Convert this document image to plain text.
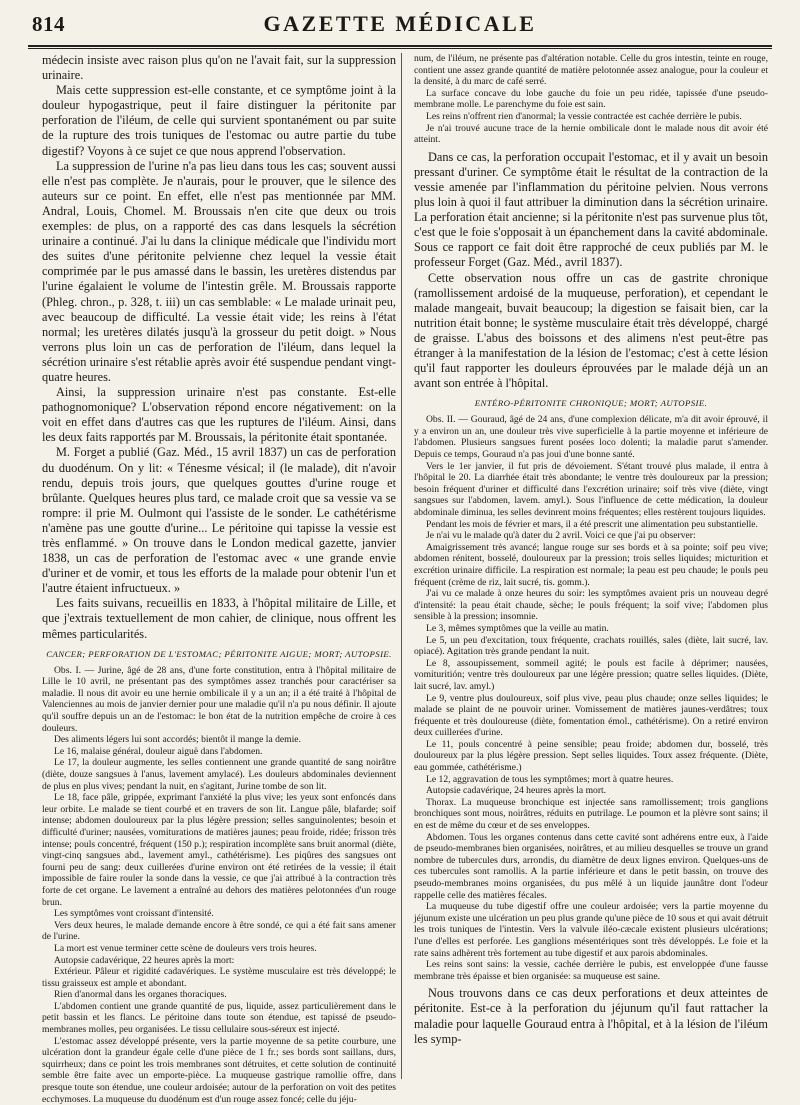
814	GAZETTE MÉDICALE

médecin insiste avec raison plus qu'on ne l'avait fait, sur la suppression urinaire.

Mais cette suppression est-elle constante, et ce symptôme joint à la douleur hypogastrique, peut il faire distinguer la péritonite par perforation de l'iléum, de celle qui survient spontanément ou par suite de la rupture des trois tuniques de l'estomac ou autre partie du tube digestif? Voyons à ce sujet ce que nous apprend l'observation.

La suppression de l'urine n'a pas lieu dans tous les cas; souvent aussi elle n'est pas complète. Je n'aurais, pour le prouver, que le silence des auteurs sur ce point. En effet, elle n'est pas mentionnée par MM. Andral, Louis, Chomel. M. Broussais n'en cite que deux ou trois exemples: de plus, on a rapporté des cas dans lesquels la sécrétion urinaire a continué. J'ai lu dans la clinique médicale que l'individu mort des suites d'une péritonite pelvienne chez lequel la vessie était comprimée par le pus amassé dans le bassin, les uretères distendus par l'urine égalaient le volume de l'intestin grêle. M. Broussais rapporte (Phleg. chron., p. 328, t. iii) un cas semblable: « Le malade urinait peu, avec beaucoup de difficulté. La vessie était vide; les reins à l'état normal; les uretères dilatés jusqu'à la grosseur du petit doigt. » Nous verrons plus loin un cas de perforation de l'iléum, dans lequel la sécrétion urinaire s'est rétablie après avoir été suspendue pendant vingt-quatre heures.

Ainsi, la suppression urinaire n'est pas constante. Est-elle pathognomonique? L'observation répond encore négativement: on la voit en effet dans d'autres cas que les ruptures de l'iléum. Ainsi, dans les deux faits rapportés par M. Broussais, la péritonite était spontanée.

M. Forget a publié (Gaz. Méd., 15 avril 1837) un cas de perforation du duodénum. On y lit: « Ténesme vésical; il (le malade), dit n'avoir rendu, depuis trois jours, que quelques gouttes d'urine rouge et brûlante. Quelques heures plus tard, ce malade croit que sa vessie va se rompre: il prie M. Oulmont qui l'assiste de le sonder. Le cathétérisme n'amène pas une goutte d'urine... Le péritoine qui tapisse la vessie est très enflammé. » On trouve dans le London medical gazette, janvier 1838, un cas de perforation de l'estomac avec « une grande envie d'uriner et de vomir, et tous les efforts de la malade pour obtenir l'un et l'autre étaient infructueux. »

Les faits suivans, recueillis en 1833, à l'hôpital militaire de Lille, et que j'extrais textuellement de mon cahier, de clinique, nous offrent les mêmes particularités.

CANCER; PERFORATION DE L'ESTOMAC; PÉRITONITE AIGUE; MORT; AUTOPSIE.

Obs. I. — Jurine, âgé de 28 ans, d'une forte constitution, entra à l'hôpital militaire de Lille le 10 avril, ne présentant pas des symptômes assez tranchés pour caractériser sa maladie. Il nous dit avoir eu une hernie ombilicale il y a un an; il a été traité à l'hôpital de Valenciennes au mois de janvier dernier pour une maladie qu'il n'a pu nous définir. Il ajoute qu'il souffre depuis un an de l'estomac: le bon état de la nutrition empêche de croire à ces douleurs.

Des aliments légers lui sont accordés; bientôt il mange la demie.

Le 16, malaise général, douleur aiguë dans l'abdomen.

Le 17, la douleur augmente, les selles contiennent une grande quantité de sang noirâtre (diète, douze sangsues à l'anus, lavement amylacé). Les douleurs abdominales deviennent de plus en plus vives; pendant la nuit, en s'agitant, Jurine tombe de son lit.

Le 18, face pâle, grippée, exprimant l'anxiété la plus vive; les yeux sont enfoncés dans leur orbite. Le malade se tient courbé et en travers de son lit. Langue pâle, blafarde; soif intense; abdomen douloureux par la plus légère pression; selles sanguinolentes; besoin et difficulté d'uriner; nausées, vomiturations de matières jaunes; peau froide, ridée; frisson très intense; pouls concentré, fréquent (150 p.); respiration incomplète sans bruit anormal (diète, vingt-cinq sangsues abd., lavement amyl., cathétérisme). Les piqûres des sangsues ont fourni peu de sang: deux cuillerées d'urine environ ont été retirées de la vessie; il était impossible de faire rouler la sonde dans la vessie, ce que j'ai attribué à la contraction très forte de cet organe. Le lavement a entraîné au dehors des matières pelotonnées d'un rouge brun.

Les symptômes vont croissant d'intensité.

Vers deux heures, le malade demande encore à être sondé, ce qui a été fait sans amener de l'urine.

La mort est venue terminer cette scène de douleurs vers trois heures.

Autopsie cadavérique, 22 heures après la mort:

Extérieur. Pâleur et rigidité cadavériques. Le système musculaire est très développé; le tissu graisseux est ample et abondant.

Rien d'anormal dans les organes thoraciques.

L'abdomen contient une grande quantité de pus, liquide, assez particulièrement dans le petit bassin et les flancs. Le péritoine dans toute son étendue, est tapissé de pseudo-membranes molles, peu organisées. Le tissu cellulaire sous-séreux est injecté.

L'estomac assez développé présente, vers la partie moyenne de sa petite courbure, une ulcération dont la grandeur égale celle d'une pièce de 1 fr.; ses bords sont saillans, durs, squirrheux; dans ce point les trois membranes sont détruites, et cette solution de continuité semble être faite avec un emporte-pièce. La muqueuse gastrique ramollie offre, dans presque toute son étendue, une couleur ardoisée; autour de la perforation on voit des petites ecchymoses. La muqueuse du duodénum est d'un rouge assez foncé; celle du jéju-

num, de l'iléum, ne présente pas d'altération notable. Celle du gros intestin, teinte en rouge, contient une assez grande quantité de matière pelotonnée assez analogue, pour la couleur et la densité, à du marc de café serré.

La surface concave du lobe gauche du foie un peu ridée, tapissée d'une pseudo-membrane molle. Le parenchyme du foie est sain.

Les reins n'offrent rien d'anormal; la vessie contractée est cachée derrière le pubis.

Je n'ai trouvé aucune trace de la hernie ombilicale dont le malade nous dit avoir été atteint.

Dans ce cas, la perforation occupait l'estomac, et il y avait un besoin pressant d'uriner. Ce symptôme était le résultat de la contraction de la vessie amenée par l'inflammation du péritoine pelvien. Nous verrons plus loin à quoi il faut attribuer la diminution dans la sécrétion urinaire. La perforation était ancienne; si la péritonite n'est pas survenue plus tôt, c'est que le foie s'opposait à un épanchement dans la cavité abdominale. Sous ce rapport ce fait doit être rapproché de ceux publiés par M. le professeur Forget (Gaz. Méd., avril 1837).

Cette observation nous offre un cas de gastrite chronique (ramollissement ardoisé de la muqueuse, perforation), et cependant le malade mangeait, buvait beaucoup; la digestion se faisait bien, car la nutrition était bonne; le système musculaire était très développé, chargé de graisse. L'abus des boissons et des alimens n'est peut-être pas étranger à la manifestation de la lésion de l'estomac; c'est à cette lésion qu'il faut rapporter les douleurs éprouvées par le malade déjà un an avant son entrée à l'hôpital.

ENTÉRO-PÉRITONITE CHRONIQUE; MORT; AUTOPSIE.

Obs. II. — Gouraud, âgé de 24 ans, d'une complexion délicate, m'a dit avoir éprouvé, il y a environ un an, une douleur très vive superficielle à la partie moyenne et inférieure de l'abdomen. Plusieurs sangsues furent posées loco dolenti; la maladie parut s'amender. Depuis ce temps, Gouraud n'a pas joui d'une bonne santé.

Vers le 1er janvier, il fut pris de dévoiement. S'étant trouvé plus malade, il entra à l'hôpital le 20. La diarrhée était très abondante; le ventre très douloureux par la pression; besoin fréquent d'uriner et difficulté dans l'excrétion urinaire; soif très vive (diète, vingt sangsues sur l'abdomen, lavem. amyl.). Sous l'influence de cette médication, la douleur abdominale diminua, les selles devinrent moins fréquentes; elles restèrent toujours liquides.

Pendant les mois de février et mars, il a été prescrit une alimentation peu substantielle.

Je n'ai vu le malade qu'à dater du 2 avril. Voici ce que j'ai pu observer:

Amaigrissement très avancé; langue rouge sur ses bords et à sa pointe; soif peu vive; abdomen rénitent, bosselé, douloureux par la pression; trois selles liquides; micturition et excrétion urinaire difficile. La respiration est normale; la peau est peu chaude; le pouls peu fréquent (crème de riz, lait sucré, tis. gomm.).

J'ai vu ce malade à onze heures du soir: les symptômes avaient pris un nouveau degré d'intensité: la peau était chaude, sèche; le pouls fréquent; la soif vive; l'abdomen plus sensible à la pression; insomnie.

Le 3, mêmes symptômes que la veille au matin.

Le 5, un peu d'excitation, toux fréquente, crachats rouillés, sales (diète, lait sucré, lav. opiacé). Agitation très grande pendant la nuit.

Le 8, assoupissement, sommeil agité; le pouls est facile à déprimer; nausées, vomituritión; ventre très douloureux par une légère pression; quatre selles liquides. (Diète, lait sucré, lav. amyl.)

Le 9, ventre plus douloureux, soif plus vive, peau plus chaude; onze selles liquides; le malade se plaint de ne pouvoir uriner. Vomissement de matières jaunes-verdâtres; toux fréquente et très douloureuse (diète, fomentation émol., cathétérisme). On a retiré environ deux cuillerées d'urine.

Le 11, pouls concentré à peine sensible; peau froide; abdomen dur, bosselé, très douloureux par la plus légère pression. Sept selles liquides. Toux assez fréquente. (Diète, eau gommée, cathétérisme.)

Le 12, aggravation de tous les symptômes; mort à quatre heures.

Autopsie cadavérique, 24 heures après la mort.

Thorax. La muqueuse bronchique est injectée sans ramollissement; trois ganglions bronchiques sont mous, noirâtres, réduits en putrilage. Le poumon et la plèvre sont sains; il en est de même du cœur et de ses enveloppes.

Abdomen. Tous les organes contenus dans cette cavité sont adhérens entre eux, à l'aide de pseudo-membranes bien organisées, noirâtres, et au milieu desquelles se trouve un grand nombre de tubercules durs, arrondis, du diamètre de deux lignes environ. Quelques-uns de ces tubercules sont ramollis. A la partie inférieure et dans le petit bassin, on trouve des pseudo-membranes moins organisées, du pus mêlé à un liquide jaunâtre dont l'odeur rappelle celle des matières fécales.

La muqueuse du tube digestif offre une couleur ardoisée; vers la partie moyenne du jéjunum existe une ulcération un peu plus grande qu'une pièce de 10 sous et qui avait détruit les trois tuniques de l'intestin. Vers la valvule iléo-cæcale existent plusieurs ulcérations; l'une d'elles est perforée. Les ganglions mésentériques sont très développés. Le foie et la rate sains adhèrent très fortement au tube digestif et aux parois abdominales.

Les reins sont sains: la vessie, cachée derrière le pubis, est enveloppée d'une fausse membrane très épaisse et bien organisée: sa muqueuse est saine.

Nous trouvons dans ce cas deux perforations et deux atteintes de péritonite. Est-ce à la perforation du jéjunum qu'il faut rattacher la maladie pour laquelle Gouraud entra à l'hôpital, et à la lésion de l'iléum les symp-
